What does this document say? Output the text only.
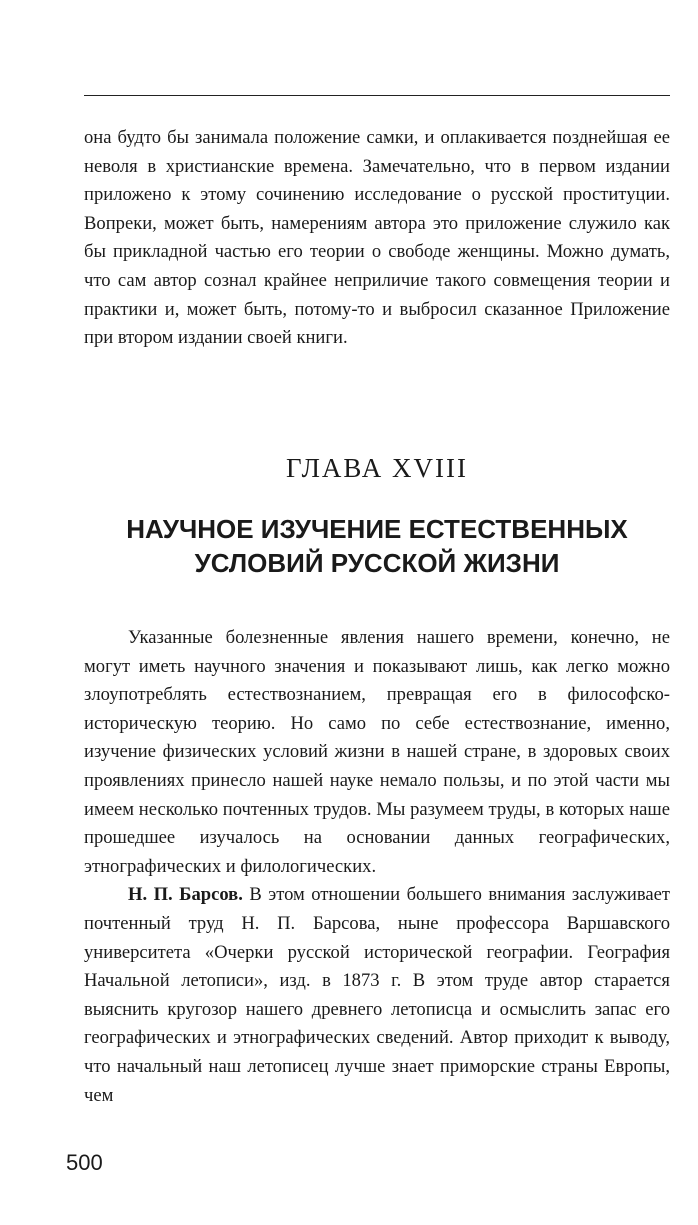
она будто бы занимала положение самки, и оплакивается позднейшая ее неволя в христианские времена. Замечательно, что в первом издании приложено к этому сочинению исследование о русской проституции. Вопреки, может быть, намерениям автора это приложение служило как бы прикладной частью его теории о свободе женщины. Можно думать, что сам автор сознал крайнее неприличие такого совмещения теории и практики и, может быть, потому-то и выбросил сказанное Приложение при втором издании своей книги.

ГЛАВА XVIII
НАУЧНОЕ ИЗУЧЕНИЕ ЕСТЕСТВЕННЫХ
УСЛОВИЙ РУССКОЙ ЖИЗНИ

Указанные болезненные явления нашего времени, конечно, не могут иметь научного значения и показывают лишь, как легко можно злоупотреблять естествознанием, превращая его в философско-историческую теорию. Но само по себе естествознание, именно, изучение физических условий жизни в нашей стране, в здоровых своих проявлениях принесло нашей науке немало пользы, и по этой части мы имеем несколько почтенных трудов. Мы разумеем труды, в которых наше прошедшее изучалось на основании данных географических, этнографических и филологических.

Н. П. Барсов. В этом отношении большего внимания заслуживает почтенный труд Н. П. Барсова, ныне профессора Варшавского университета «Очерки русской исторической географии. География Начальной летописи», изд. в 1873 г. В этом труде автор старается выяснить кругозор нашего древнего летописца и осмыслить запас его географических и этнографических сведений. Автор приходит к выводу, что начальный наш летописец лучше знает приморские страны Европы, чем

500
